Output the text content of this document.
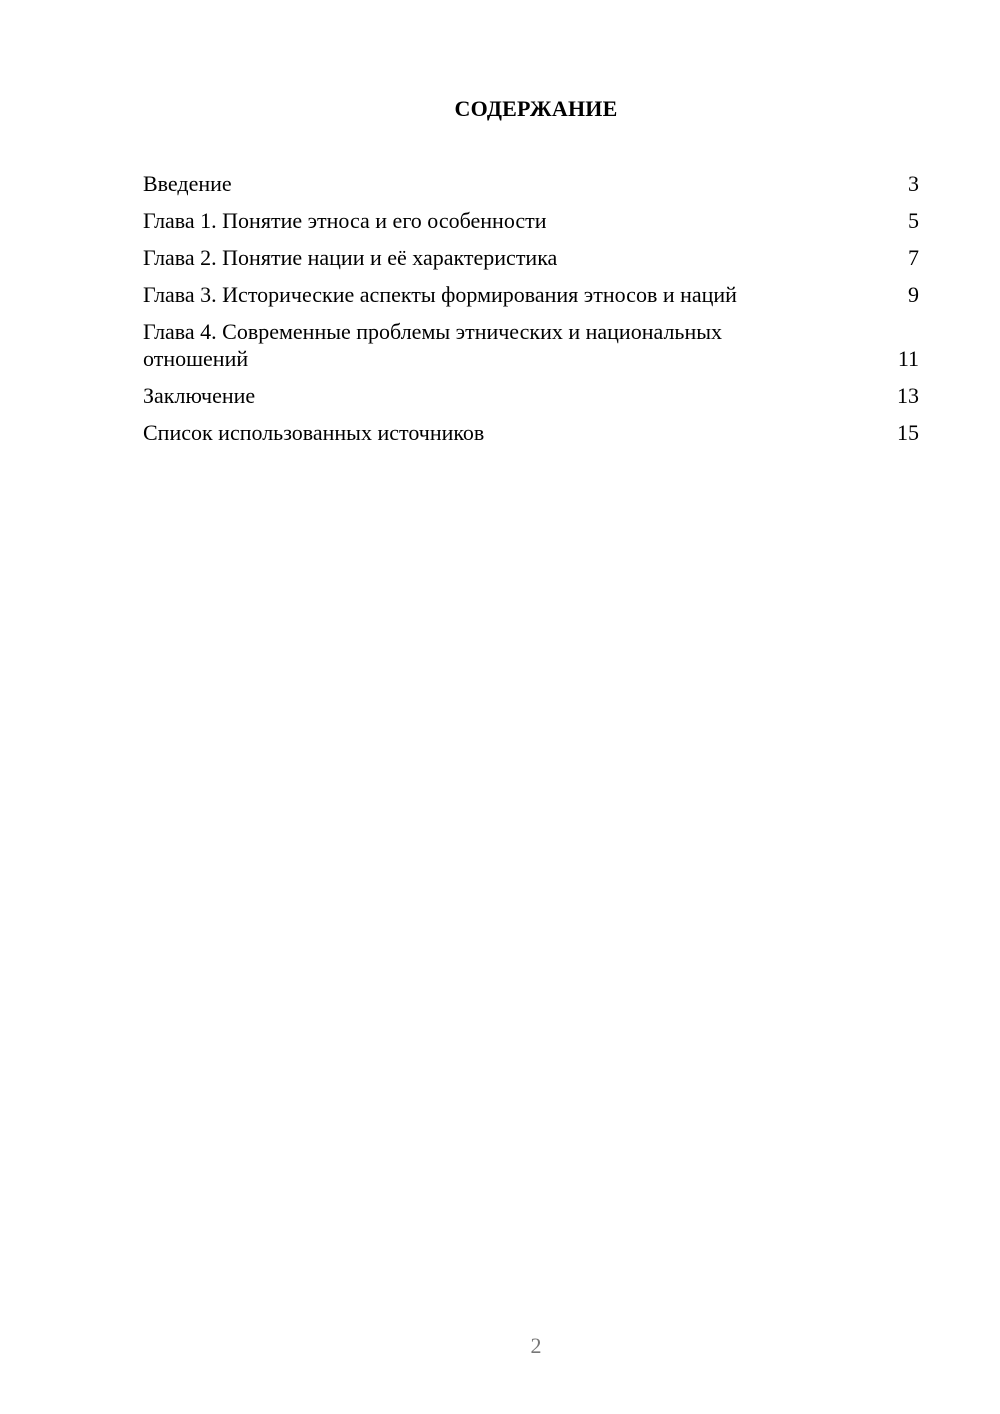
СОДЕРЖАНИЕ
Введение	3
Глава 1. Понятие этноса и его особенности	5
Глава 2. Понятие нации и её характеристика	7
Глава 3. Исторические аспекты формирования этносов и наций	9
Глава 4. Современные проблемы этнических и национальных отношений	11
Заключение	13
Список использованных источников	15
2
